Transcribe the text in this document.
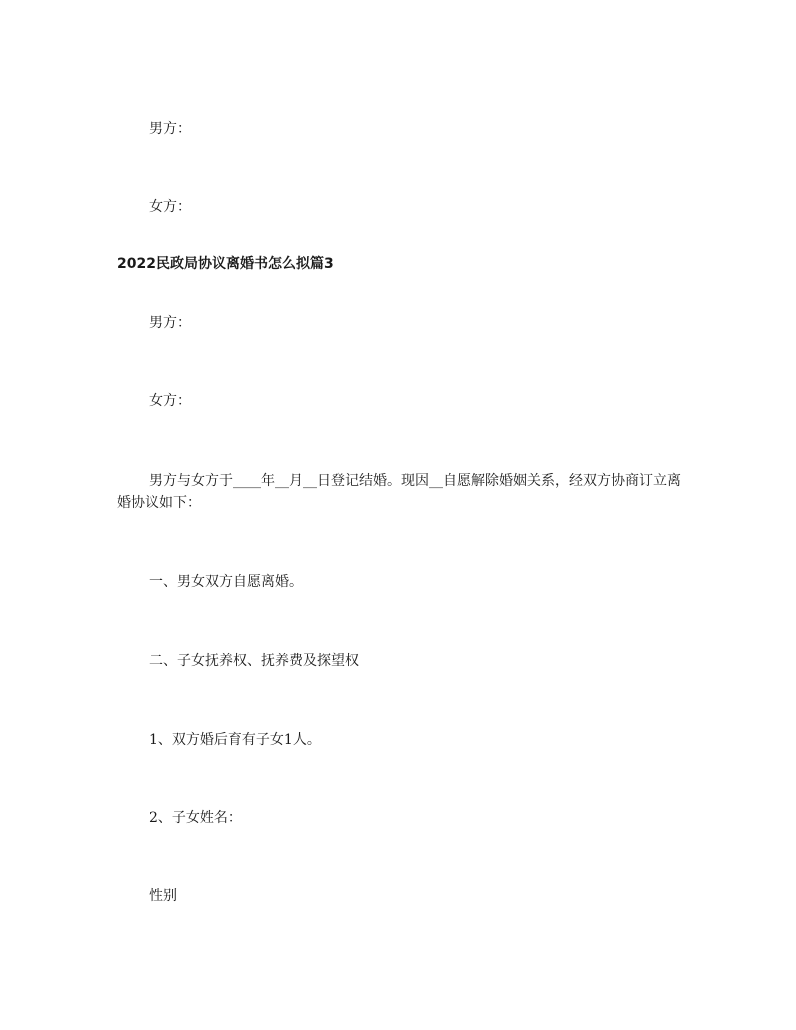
男方：
女方：
2022民政局协议离婚书怎么拟篇3
男方：
女方：
男方与女方于____年__月__日登记结婚。现因__自愿解除婚姻关系，经双方协商订立离婚协议如下：
一、男女双方自愿离婚。
二、子女抚养权、抚养费及探望权
1、双方婚后育有子女1人。
2、子女姓名：
性别
